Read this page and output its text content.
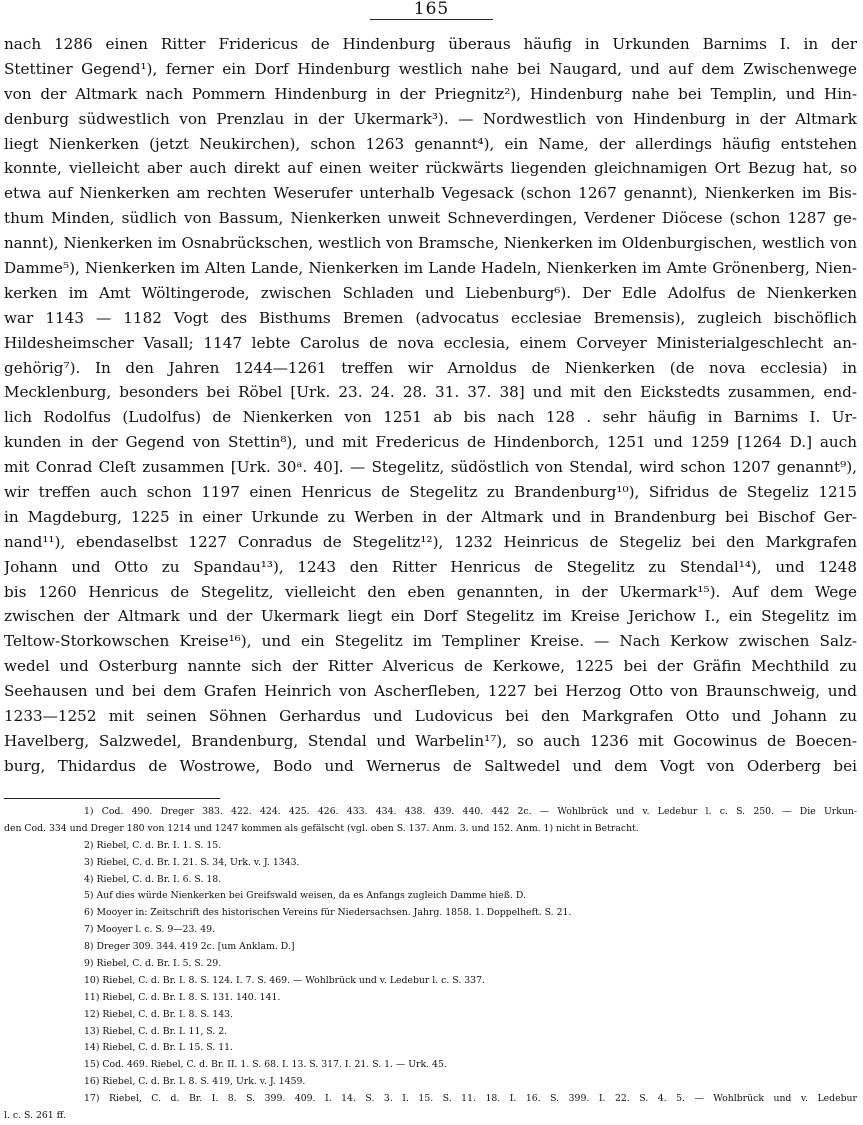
165
nach 1286 einen Ritter Fridericus de Hindenburg überaus häufig in Urkunden Barnims I. in der
Stettiner Gegend¹), ferner ein Dorf Hindenburg westlich nahe bei Naugard, und auf dem Zwischenwege
von der Altmark nach Pommern Hindenburg in der Priegnitz²), Hindenburg nahe bei Templin, und Hin-
denburg südwestlich von Prenzlau in der Ukermark³). — Nordwestlich von Hindenburg in der Altmark
liegt Nienkerken (jetzt Neukirchen), schon 1263 genannt⁴), ein Name, der allerdings häufig entstehen
konnte, vielleicht aber auch direkt auf einen weiter rückwärts liegenden gleichnamigen Ort Bezug hat, so
etwa auf Nienkerken am rechten Weserufer unterhalb Vegesack (schon 1267 genannt), Nienkerken im Bis-
thum Minden, südlich von Bassum, Nienkerken unweit Schneverdingen, Verdener Diöcese (schon 1287 ge-
nannt), Nienkerken im Osnabrückschen, westlich von Bramsche, Nienkerken im Oldenburgischen, westlich von
Damme⁵), Nienkerken im Alten Lande, Nienkerken im Lande Hadeln, Nienkerken im Amte Grönenberg, Nien-
kerken im Amt Wöltingerode, zwischen Schladen und Liebenburg⁶). Der Edle Adolfus de Nienkerken
war 1143 — 1182 Vogt des Bisthums Bremen (advocatus ecclesiae Bremensis), zugleich bischöflich
Hildesheimscher Vasall; 1147 lebte Carolus de nova ecclesia, einem Corveyer Ministerialgeschlecht an-
gehörig⁷). In den Jahren 1244—1261 treffen wir Arnoldus de Nienkerken (de nova ecclesia) in
Mecklenburg, besonders bei Röbel [Urk. 23. 24. 28. 31. 37. 38] und mit den Eickstedts zusammen, end-
lich Rodolfus (Ludolfus) de Nienkerken von 1251 ab bis nach 128 . sehr häufig in Barnims I. Ur-
kunden in der Gegend von Stettin⁸), und mit Fredericus de Hindenborch, 1251 und 1259 [1264 D.] auch
mit Conrad Cleſt zusammen [Urk. 30ᵃ. 40]. — Stegelitz, südöstlich von Stendal, wird schon 1207 genannt⁹),
wir treffen auch schon 1197 einen Henricus de Stegelitz zu Brandenburg¹⁰), Sifridus de Stegeliz 1215
in Magdeburg, 1225 in einer Urkunde zu Werben in der Altmark und in Brandenburg bei Bischof Ger-
nand¹¹), ebendaselbst 1227 Conradus de Stegelitz¹²), 1232 Heinricus de Stegeliz bei den Markgrafen
Johann und Otto zu Spandau¹³), 1243 den Ritter Henricus de Stegelitz zu Stendal¹⁴), und 1248
bis 1260 Henricus de Stegelitz, vielleicht den eben genannten, in der Ukermark¹⁵). Auf dem Wege
zwischen der Altmark und der Ukermark liegt ein Dorf Stegelitz im Kreise Jerichow I., ein Stegelitz im
Teltow-Storkowschen Kreise¹⁶), und ein Stegelitz im Templiner Kreise. — Nach Kerkow zwischen Salz-
wedel und Osterburg nannte sich der Ritter Alvericus de Kerkowe, 1225 bei der Gräfin Mechthild zu
Seehausen und bei dem Grafen Heinrich von Ascherſleben, 1227 bei Herzog Otto von Braunschweig, und
1233—1252 mit seinen Söhnen Gerhardus und Ludovicus bei den Markgrafen Otto und Johann zu
Havelberg, Salzwedel, Brandenburg, Stendal und Warbelin¹⁷), so auch 1236 mit Gocowinus de Boecen-
burg, Thidardus de Wostrowe, Bodo und Wernerus de Saltwedel und dem Vogt von Oderberg bei
1) Cod. 490. Dreger 383. 422. 424. 425. 426. 433. 434. 438. 439. 440. 442 2c. — Wohlbrück und v. Ledebur l. c. S. 250. — Die Urkun-
den Cod. 334 und Dreger 180 von 1214 und 1247 kommen als gefälscht (vgl. oben S. 137. Anm. 3. und 152. Anm. 1) nicht in Betracht.
2) Riebel, C. d. Br. I. 1. S. 15.
3) Riebel, C. d. Br. I. 21. S. 34, Urk. v. J. 1343.
4) Riebel, C. d. Br. I. 6. S. 18.
5) Auf dies würde Nienkerken bei Greifswald weisen, da es Anfangs zugleich Damme hieß. D.
6) Mooyer in: Zeitschrift des historischen Vereins für Niedersachsen. Jahrg. 1858. 1. Doppelheft. S. 21.
7) Mooyer l. c. S. 9—23. 49.
8) Dreger 309. 344. 419 2c. [um Anklam. D.]
9) Riebel, C. d. Br. I. 5. S. 29.
10) Riebel, C. d. Br. I. 8. S. 124. I. 7. S. 469. — Wohlbrück und v. Ledebur l. c. S. 337.
11) Riebel, C. d. Br. I. 8. S. 131. 140. 141.
12) Riebel, C. d. Br. I. 8. S. 143.
13) Riebel, C. d. Br. I. 11, S. 2.
14) Riebel, C. d. Br. I. 15. S. 11.
15) Cod. 469. Riebel, C. d. Br. II. 1. S. 68. I. 13. S. 317. I. 21. S. 1. — Urk. 45.
16) Riebel, C. d. Br. I. 8. S. 419, Urk. v. J. 1459.
17) Riebel, C. d. Br. I. 8. S. 399. 409. I. 14. S. 3. I. 15. S. 11. 18. I. 16. S. 399. I. 22. S. 4. 5. — Wohlbrück und v. Ledebur
l. c. S. 261 ff.
